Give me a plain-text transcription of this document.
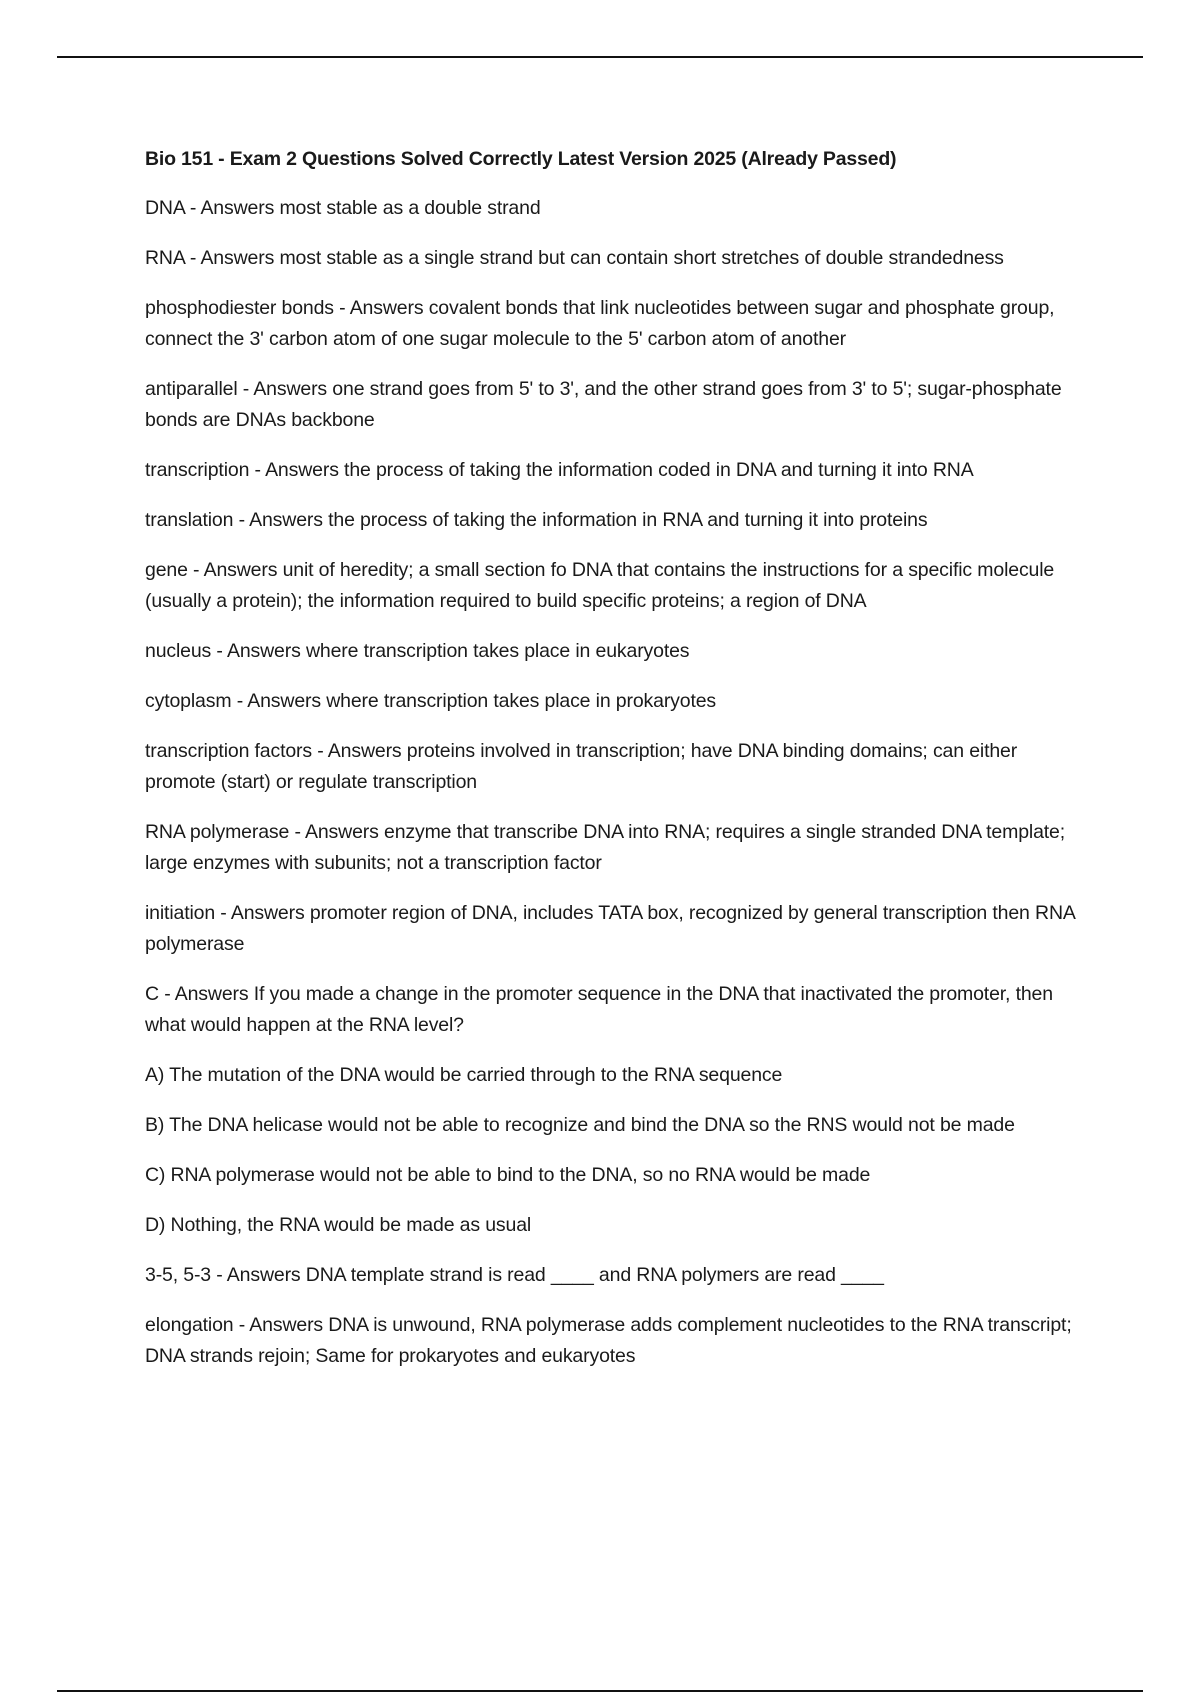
Bio 151 - Exam 2 Questions Solved Correctly Latest Version 2025 (Already Passed)

DNA - Answers most stable as a double strand

RNA - Answers most stable as a single strand but can contain short stretches of double strandedness

phosphodiester bonds - Answers covalent bonds that link nucleotides between sugar and phosphate group, connect the 3' carbon atom of one sugar molecule to the 5' carbon atom of another

antiparallel - Answers one strand goes from 5' to 3', and the other strand goes from 3' to 5'; sugar-phosphate bonds are DNAs backbone

transcription - Answers the process of taking the information coded in DNA and turning it into RNA

translation - Answers the process of taking the information in RNA and turning it into proteins

gene - Answers unit of heredity; a small section fo DNA that contains the instructions for a specific molecule (usually a protein); the information required to build specific proteins; a region of DNA

nucleus - Answers where transcription takes place in eukaryotes

cytoplasm - Answers where transcription takes place in prokaryotes

transcription factors - Answers proteins involved in transcription; have DNA binding domains; can either promote (start) or regulate transcription

RNA polymerase - Answers enzyme that transcribe DNA into RNA; requires a single stranded DNA template; large enzymes with subunits; not a transcription factor

initiation - Answers promoter region of DNA, includes TATA box, recognized by general transcription then RNA polymerase

C - Answers If you made a change in the promoter sequence in the DNA that inactivated the promoter, then what would happen at the RNA level?

A) The mutation of the DNA would be carried through to the RNA sequence

B) The DNA helicase would not be able to recognize and bind the DNA so the RNS would not be made

C) RNA polymerase would not be able to bind to the DNA, so no RNA would be made

D) Nothing, the RNA would be made as usual

3-5, 5-3 - Answers DNA template strand is read ____ and RNA polymers are read ____

elongation - Answers DNA is unwound, RNA polymerase adds complement nucleotides to the RNA transcript; DNA strands rejoin; Same for prokaryotes and eukaryotes
